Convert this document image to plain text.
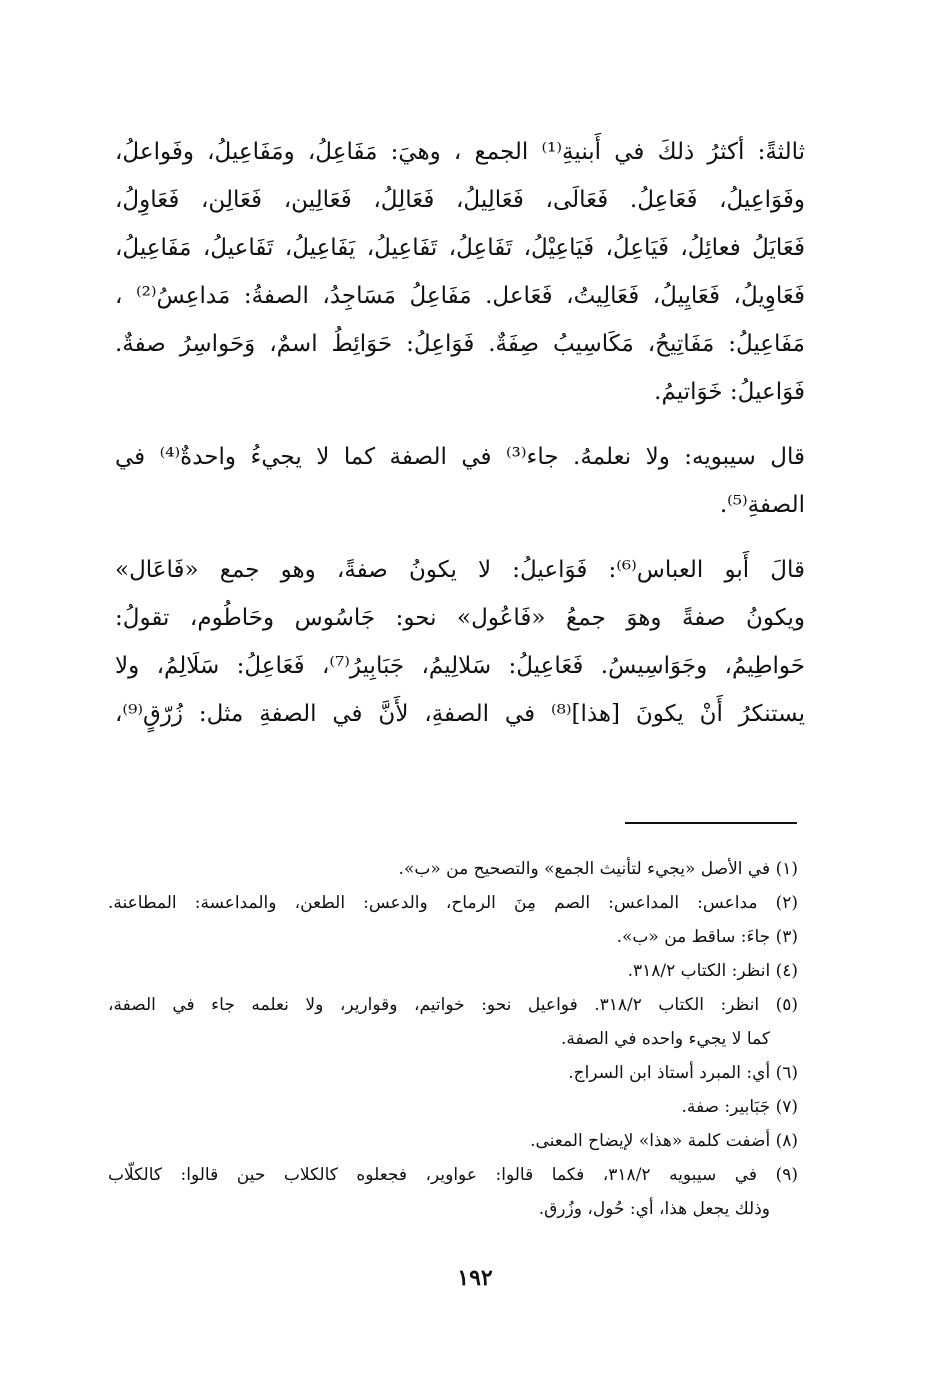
ثالثةً: أكثرُ ذلكَ في أَبنيةِ⁽¹⁾ الجمع ، وهيَ: مَفَاعِلُ، ومَفَاعِيلُ، وفَواعلُ،
وفَوَاعِيلُ، فَعَاعِلُ. فَعَالَى، فَعَالِيلُ، فَعَالِلُ، فَعَالِين، فَعَالِن، فَعَاوِلُ،
فَعَايَلُ فعائِلُ، فَيَاعِلُ، فَيَاعِيْلُ، تَفَاعِلُ، تَفَاعِيلُ، يَفَاعِيلُ، تَفَاعيلُ، مَفَاعِيلُ،
فَعَاوِيلُ، فَعَايِيلُ، فَعَالِيتُ، فَعَاعل. مَفَاعِلُ مَسَاجِدُ، الصفةُ: مَداعِسُ⁽²⁾ ،
مَفَاعِيلُ: مَفَاتِيحُ، مَكَاسِيبُ صِفَةٌ. فَوَاعِلُ: حَوَائِطُ اسمٌ، وَحَواسِرُ صفةٌ.
فَوَاعيلُ: خَوَاتيمُ.
قال سيبويه: ولا نعلمهُ. جاء⁽³⁾ في الصفة كما لا يجيءُ واحدةٌ⁽⁴⁾ في
الصفةِ⁽⁵⁾.
قالَ أَبو العباس⁽⁶⁾: فَوَاعيلُ: لا يكونُ صفةً، وهو جمع «فَاعَال»
ويكونُ صفةً وهوَ جمعُ «فَاعُول» نحو: جَاسُوس وحَاطُوم، تقولُ:
حَواطِيمُ، وجَوَاسِيسُ. فَعَاعِيلُ: سَلالِيمُ، جَبَابِيرُ⁽⁷⁾، فَعَاعِلُ: سَلَالِمُ، ولا
يستنكرُ أَنْ يكونَ [هذا]⁽⁸⁾ في الصفةِ، لأَنَّ في الصفةِ مثل: زُرّقٍ⁽⁹⁾،
(١) في الأصل «يجيء لتأنيث الجمع» والتصحيح من «ب».
(٢) مداعس: المداعس: الصم مِنَ الرماح، والدعس: الطعن، والمداعسة: المطاعنة.
(٣) جاءَ: ساقط من «ب».
(٤) انظر: الكتاب ٣١٨/٢.
(٥) انظر: الكتاب ٣١٨/٢. فواعيل نحو: خواتيم، وقوارير، ولا نعلمه جاء في الصفة،
كما لا يجيء واحده في الصفة.
(٦) أي: المبرد أستاذ ابن السراج.
(٧) جَبَابير: صفة.
(٨) أضفت كلمة «هذا» لإيضاح المعنى.
(٩) في سيبويه ٣١٨/٢، فكما قالوا: عواوير، فجعلوه كالكلاب حين قالوا: كالكلّاب
وذلك يجعل هذا، أي: حُول، وزُرق.
١٩٢
